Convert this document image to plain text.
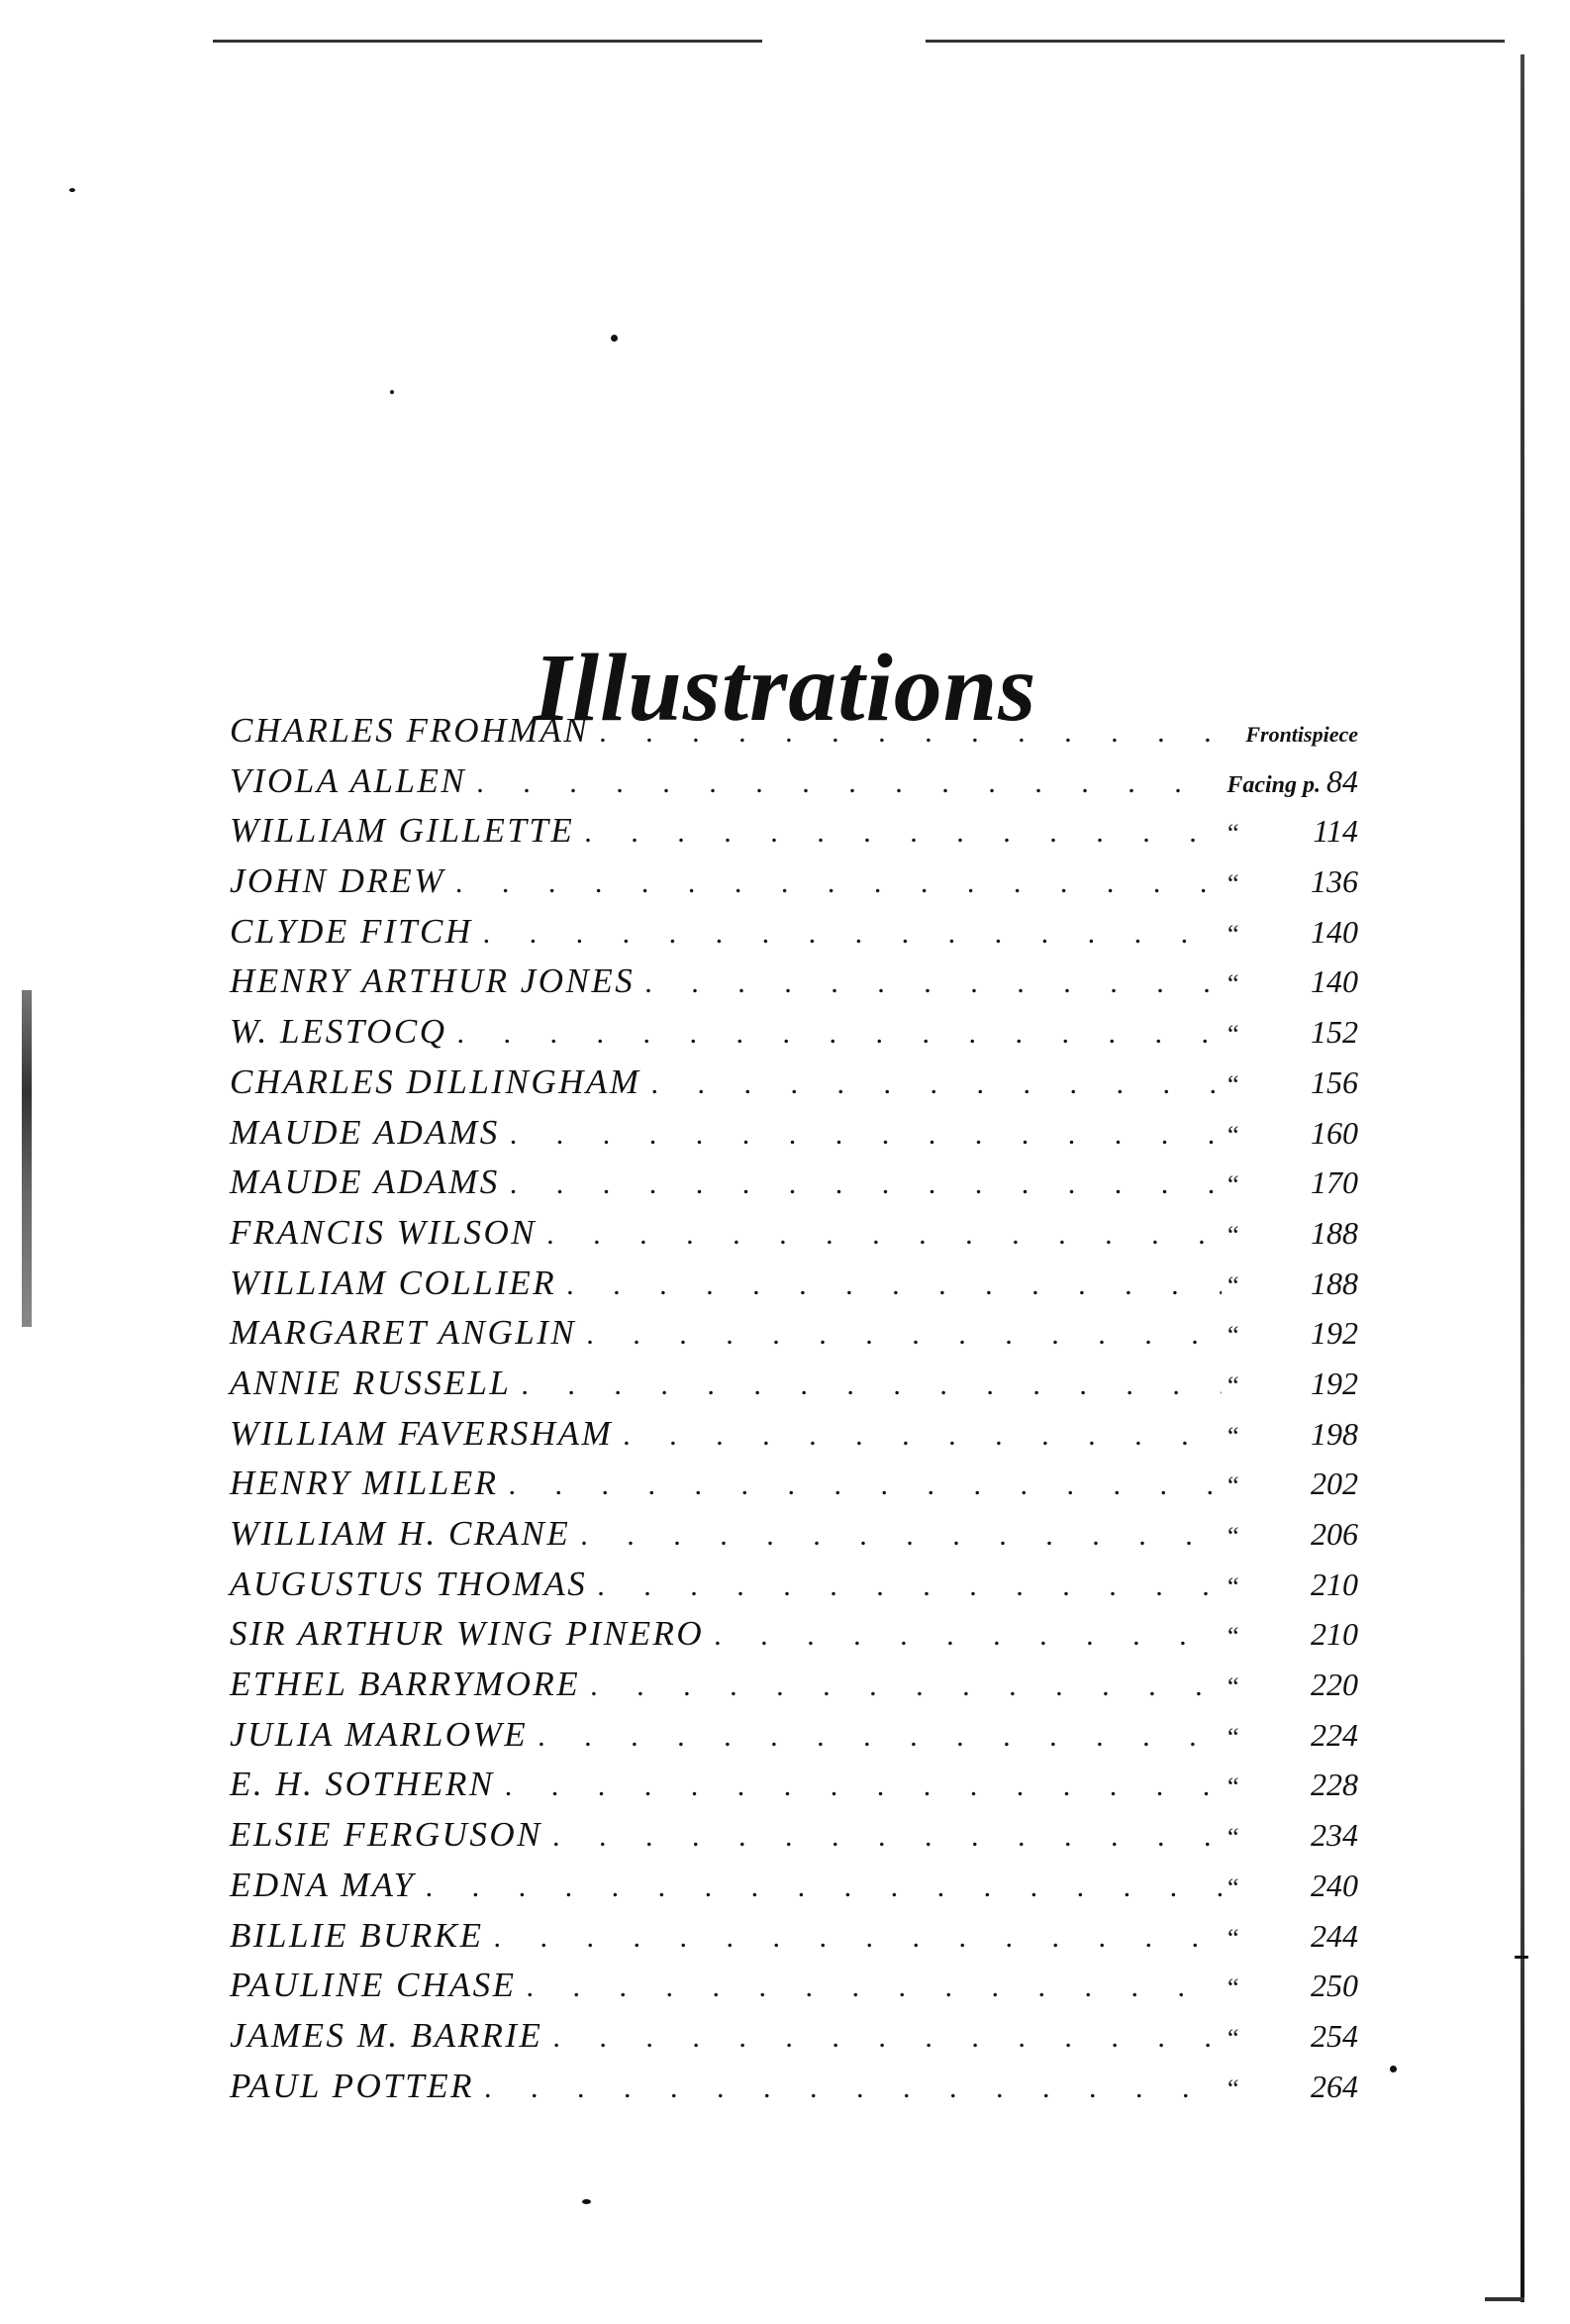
Illustrations
CHARLES FROHMAN . . .	Frontispiece
VIOLA ALLEN . . .	Facing p. 84
WILLIAM GILLETTE . . .	“	114
JOHN DREW . . .	“	136
CLYDE FITCH . . .	“	140
HENRY ARTHUR JONES . . .	“	140
W. LESTOCQ . . .	“	152
CHARLES DILLINGHAM . . .	“	156
MAUDE ADAMS . . .	“	160
MAUDE ADAMS . . .	“	170
FRANCIS WILSON . . .	“	188
WILLIAM COLLIER . . .	“	188
MARGARET ANGLIN . . .	“	192
ANNIE RUSSELL . . .	“	192
WILLIAM FAVERSHAM . . .	“	198
HENRY MILLER . . .	“	202
WILLIAM H. CRANE . . .	“	206
AUGUSTUS THOMAS . . .	“	210
SIR ARTHUR WING PINERO . . .	“	210
ETHEL BARRYMORE . . .	“	220
JULIA MARLOWE . . .	“	224
E. H. SOTHERN . . .	“	228
ELSIE FERGUSON . . .	“	234
EDNA MAY . . .	“	240
BILLIE BURKE . . .	“	244
PAULINE CHASE . . .	“	250
JAMES M. BARRIE . . .	“	254
PAUL POTTER . . .	“	264
